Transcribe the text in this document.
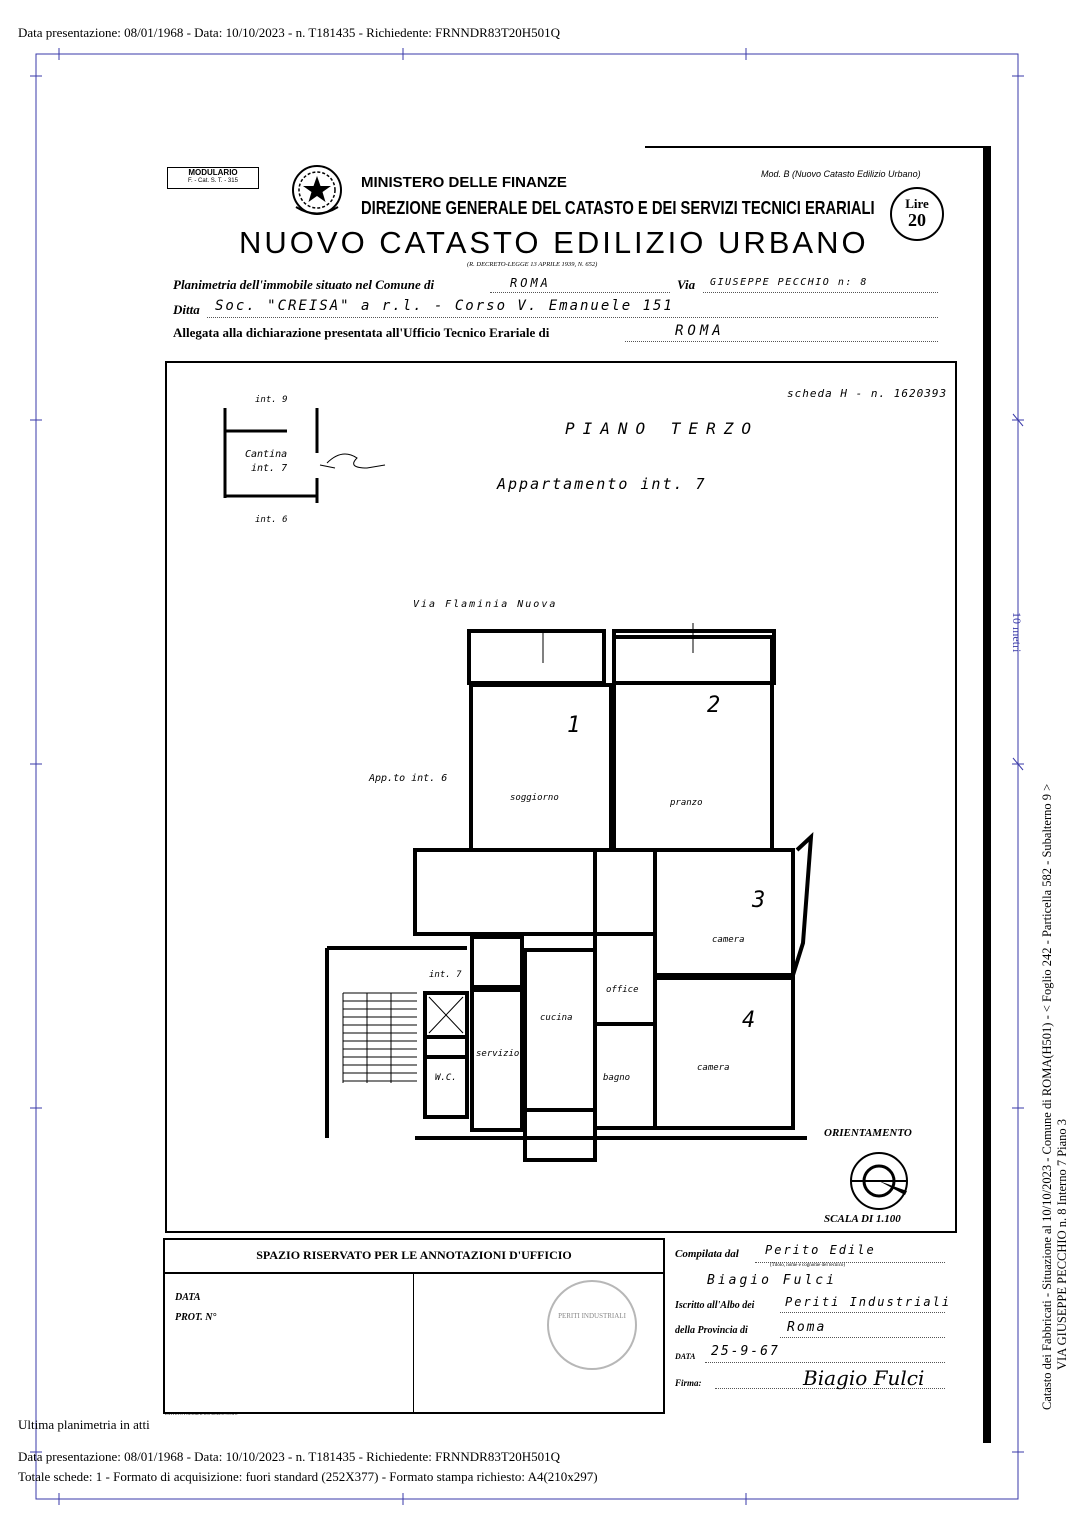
Data presentazione: 08/01/1968 - Data: 10/10/2023 - n. T181435 - Richiedente: FRNNDR83T20H501Q
10 metri
Catasto dei Fabbricati - Situazione al 10/10/2023 - Comune di ROMA(H501) - < Foglio 242 - Particella 582 - Subalterno 9 > VIA GIUSEPPE PECCHIO n. 8 Interno 7 Piano 3
MODULARIO
F. - Cat. S. T. - 315	MINISTERO DELLE FINANZE	Mod. B (Nuovo Catasto Edilizio Urbano)
DIREZIONE GENERALE DEL CATASTO E DEI SERVIZI TECNICI ERARIALI	Lire
20
NUOVO CATASTO EDILIZIO URBANO
(R. DECRETO-LEGGE 13 APRILE 1939, N. 652)
Planimetria dell'immobile situato nel Comune di	ROMA	Via GIUSEPPE PECCHIO n: 8
Ditta Soc. "CREISA" a r.l. - Corso V. Emanuele 151
Allegata alla dichiarazione presentata all'Ufficio Tecnico Erariale di	ROMA
scheda H - n. 1620393
PIANO TERZO
Appartamento int. 7
int. 9
Cantina
int. 7
int. 6
Via Flaminia Nuova
App.to int. 6
1
2
3
4
soggiorno	pranzo
camera
camera
cucina
office
bagno
servizio
W.C.
int. 7
ORIENTAMENTO
SCALA DI 1.100
SPAZIO RISERVATO PER LE ANNOTAZIONI D'UFFICIO
DATA
PROT. N°	PERITI INDUSTRIALI
ISTITUTO POLIGRAFICO DELLO STATO
Compilata dal Perito Edile
(Titolo, nome e cognome del tecnico)
Biagio Fulci
Iscritto all'Albo dei	Periti Industriali
della Provincia di	Roma
DATA 25-9-67
Firma:	Biagio Fulci
Ultima planimetria in atti
Data presentazione: 08/01/1968 - Data: 10/10/2023 - n. T181435 - Richiedente: FRNNDR83T20H501Q
Totale schede: 1 - Formato di acquisizione: fuori standard (252X377) - Formato stampa richiesto: A4(210x297)
